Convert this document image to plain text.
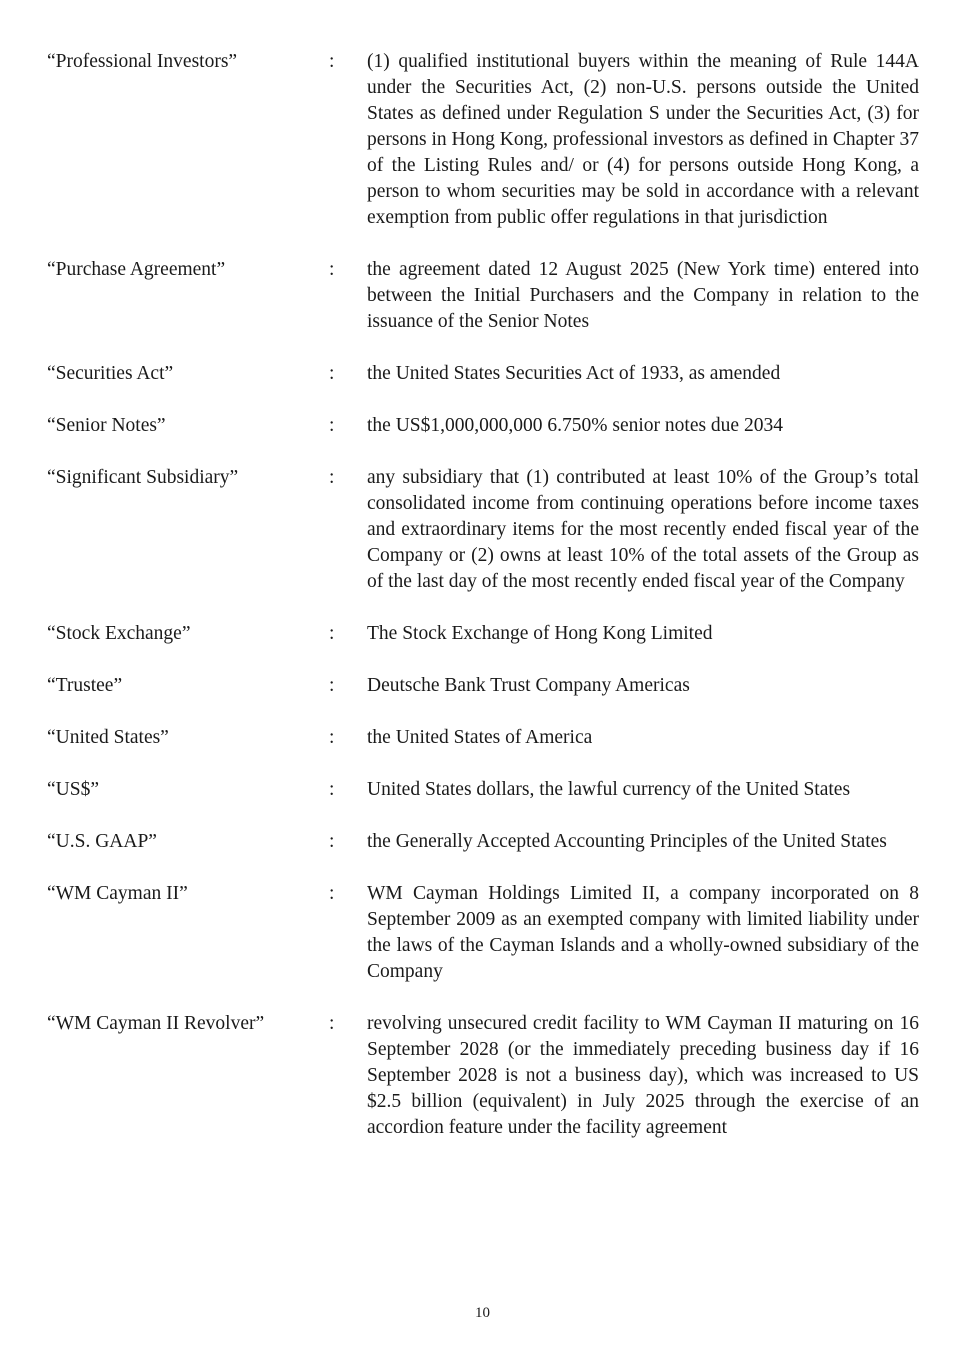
“Professional Investors”	:	(1) qualified institutional buyers within the meaning of Rule 144A under the Securities Act, (2) non-U.S. persons outside the United States as defined under Regulation S under the Securities Act, (3) for persons in Hong Kong, professional investors as defined in Chapter 37 of the Listing Rules and/ or (4) for persons outside Hong Kong, a person to whom securities may be sold in accordance with a relevant exemption from public offer regulations in that jurisdiction
“Purchase Agreement”	:	the agreement dated 12 August 2025 (New York time) entered into between the Initial Purchasers and the Company in relation to the issuance of the Senior Notes
“Securities Act”	:	the United States Securities Act of 1933, as amended
“Senior Notes”	:	the US$1,000,000,000 6.750% senior notes due 2034
“Significant Subsidiary”	:	any subsidiary that (1) contributed at least 10% of the Group’s total consolidated income from continuing operations before income taxes and extraordinary items for the most recently ended fiscal year of the Company or (2) owns at least 10% of the total assets of the Group as of the last day of the most recently ended fiscal year of the Company
“Stock Exchange”	:	The Stock Exchange of Hong Kong Limited
“Trustee”	:	Deutsche Bank Trust Company Americas
“United States”	:	the United States of America
“US$”	:	United States dollars, the lawful currency of the United States
“U.S. GAAP”	:	the Generally Accepted Accounting Principles of the United States
“WM Cayman II”	:	WM Cayman Holdings Limited II, a company incorporated on 8 September 2009 as an exempted company with limited liability under the laws of the Cayman Islands and a wholly-owned subsidiary of the Company
“WM Cayman II Revolver”	:	revolving unsecured credit facility to WM Cayman II maturing on 16 September 2028 (or the immediately preceding business day if 16 September 2028 is not a business day), which was increased to US $2.5 billion (equivalent) in July 2025 through the exercise of an accordion feature under the facility agreement
10
